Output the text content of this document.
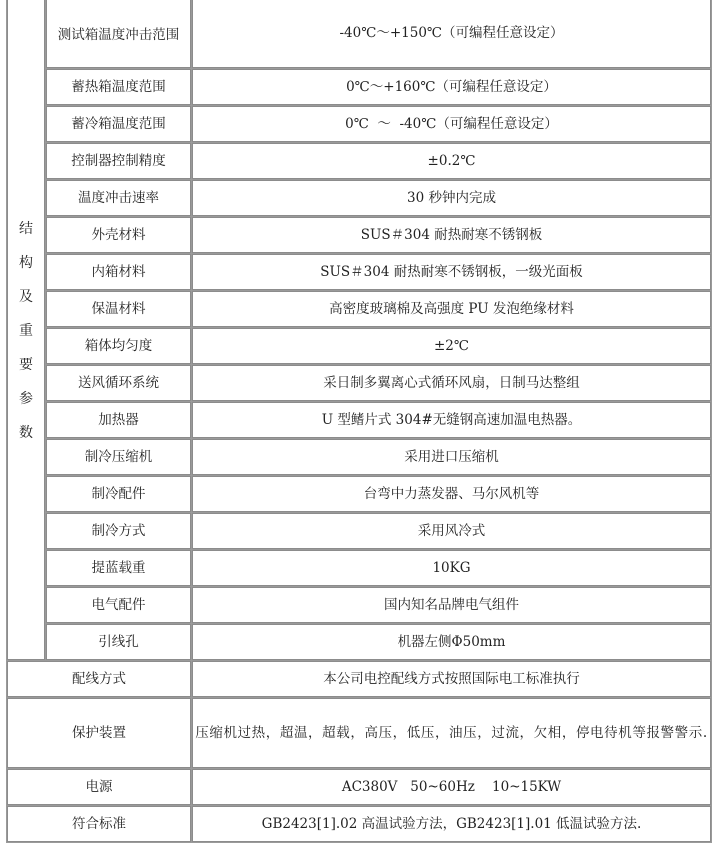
结
构
及
重
要
参
数
	测试箱温度冲击范围	-40℃～+150℃（可编程任意设定）
	蓄热箱温度范围	0℃～+160℃（可编程任意设定）
	蓄冷箱温度范围	0℃  ～  -40℃（可编程任意设定）
	控制器控制精度	±0.2℃
	温度冲击速率	30 秒钟内完成
	外壳材料	SUS＃304 耐热耐寒不锈钢板
	内箱材料	SUS＃304 耐热耐寒不锈钢板，一级光面板
	保温材料	高密度玻璃棉及高强度 PU 发泡绝缘材料
	箱体均匀度	±2℃
	送风循环系统	采日制多翼离心式循环风扇，日制马达整组
	加热器	U 型鳍片式 304#无缝钢高速加温电热器。
	制冷压缩机	采用进口压缩机
	制冷配件	台弯中力蒸发器、马尔风机等
	制冷方式	采用风冷式
	提蓝载重	10KG
	电气配件	国内知名品牌电气组件
	引线孔	机器左侧Φ50mm
配线方式		本公司电控配线方式按照国际电工标准执行
保护装置		压缩机过热，超温，超载，高压，低压，油压，过流，欠相，停电待机等报警警示.
电源		AC380V   50~60Hz    10~15KW
符合标准		GB2423[1].02 高温试验方法，GB2423[1].01 低温试验方法.
